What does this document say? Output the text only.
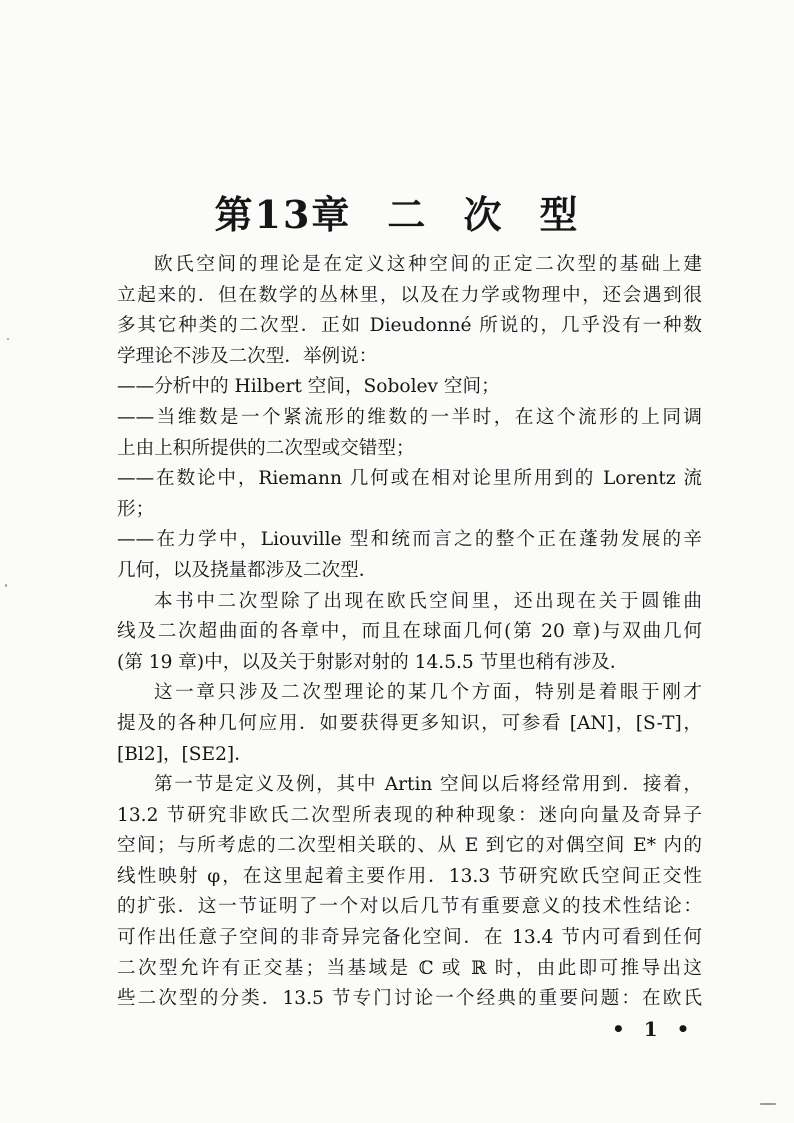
第13章 二 次 型
欧氏空间的理论是在定义这种空间的正定二次型的基础上建
立起来的．但在数学的丛林里，以及在力学或物理中，还会遇到很
多其它种类的二次型．正如 Dieudonné 所说的，几乎没有一种数
学理论不涉及二次型．举例说：
——分析中的 Hilbert 空间，Sobolev 空间；
——当维数是一个紧流形的维数的一半时，在这个流形的上同调
上由上积所提供的二次型或交错型；
——在数论中，Riemann 几何或在相对论里所用到的 Lorentz 流
形；
——在力学中，Liouville 型和统而言之的整个正在蓬勃发展的辛
几何，以及挠量都涉及二次型．
本书中二次型除了出现在欧氏空间里，还出现在关于圆锥曲
线及二次超曲面的各章中，而且在球面几何(第 20 章)与双曲几何
(第 19 章)中，以及关于射影对射的 14.5.5 节里也稍有涉及．
这一章只涉及二次型理论的某几个方面，特别是着眼于刚才
提及的各种几何应用．如要获得更多知识，可参看 [AN]，[S-T]，
[Bl2]，[SE2]．
第一节是定义及例，其中 Artin 空间以后将经常用到．接着，
13.2 节研究非欧氏二次型所表现的种种现象：迷向向量及奇异子
空间；与所考虑的二次型相关联的、从 E 到它的对偶空间 E* 内的
线性映射 φ，在这里起着主要作用．13.3 节研究欧氏空间正交性
的扩张．这一节证明了一个对以后几节有重要意义的技术性结论：
可作出任意子空间的非奇异完备化空间．在 13.4 节内可看到任何
二次型允许有正交基；当基域是 ℂ 或 ℝ 时，由此即可推导出这
些二次型的分类．13.5 节专门讨论一个经典的重要问题：在欧氏
• 1 •
